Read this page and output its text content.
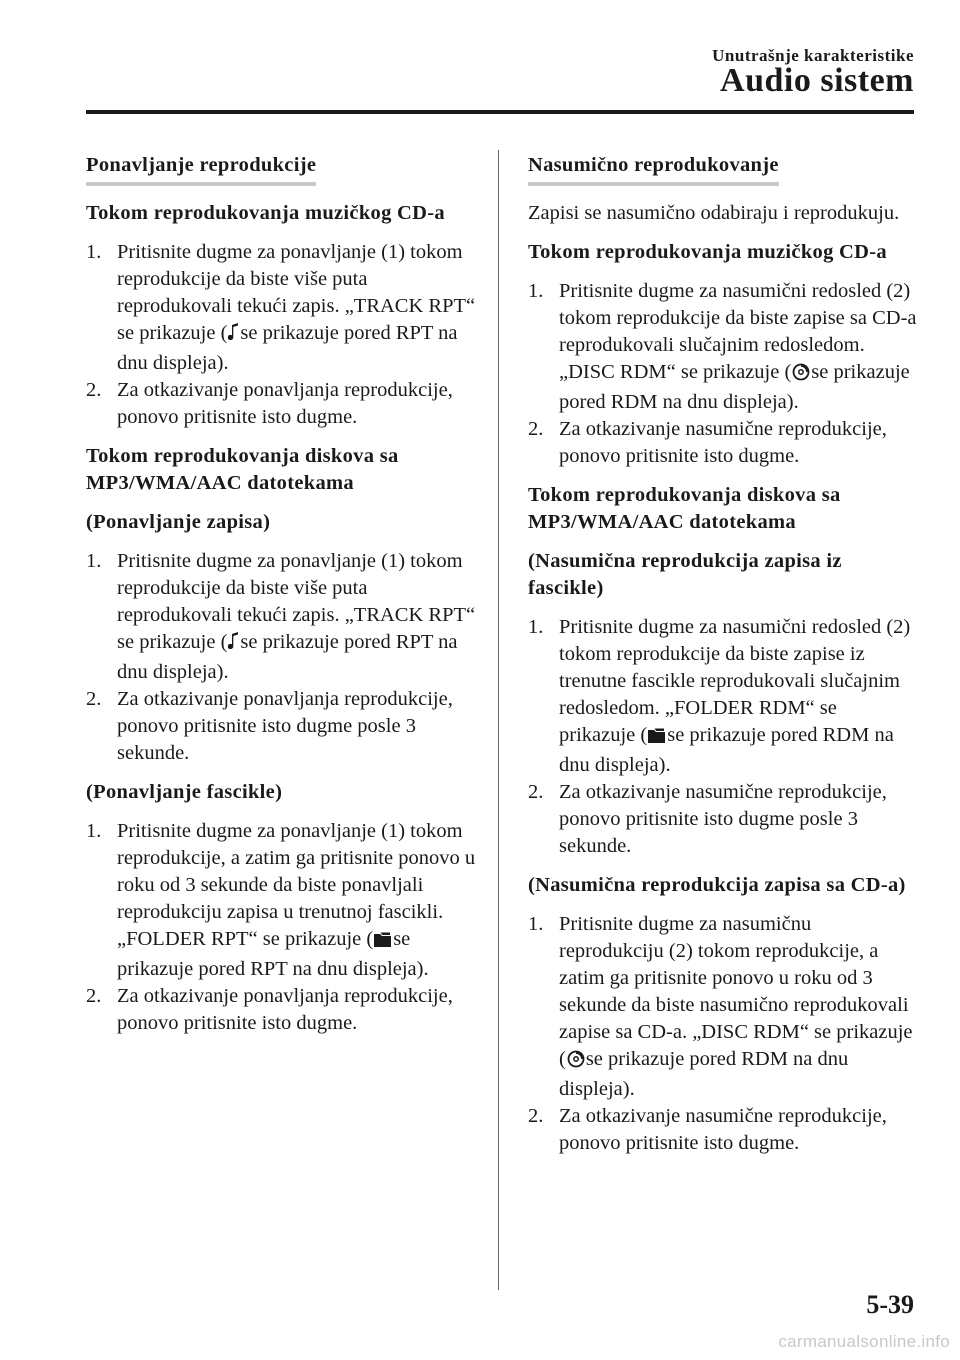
Unutrašnje karakteristike
Audio sistem
Ponavljanje reprodukcije
Tokom reprodukovanja muzičkog CD-a
1. Pritisnite dugme za ponavljanje (1) tokom reprodukcije da biste više puta reprodukovali tekući zapis. „TRACK RPT“ se prikazuje ( se prikazuje pored RPT na dnu displeja).
2. Za otkazivanje ponavljanja reprodukcije, ponovo pritisnite isto dugme.
Tokom reprodukovanja diskova sa MP3/WMA/AAC datotekama
(Ponavljanje zapisa)
1. Pritisnite dugme za ponavljanje (1) tokom reprodukcije da biste više puta reprodukovali tekući zapis. „TRACK RPT“ se prikazuje ( se prikazuje pored RPT na dnu displeja).
2. Za otkazivanje ponavljanja reprodukcije, ponovo pritisnite isto dugme posle 3 sekunde.
(Ponavljanje fascikle)
1. Pritisnite dugme za ponavljanje (1) tokom reprodukcije, a zatim ga pritisnite ponovo u roku od 3 sekunde da biste ponavljali reprodukciju zapisa u trenutnoj fascikli. „FOLDER RPT“ se prikazuje ( se prikazuje pored RPT na dnu displeja).
2. Za otkazivanje ponavljanja reprodukcije, ponovo pritisnite isto dugme.
Nasumično reprodukovanje
Zapisi se nasumično odabiraju i reprodukuju.
Tokom reprodukovanja muzičkog CD-a
1. Pritisnite dugme za nasumični redosled (2) tokom reprodukcije da biste zapise sa CD-a reprodukovali slučajnim redosledom. „DISC RDM“ se prikazuje ( se prikazuje pored RDM na dnu displeja).
2. Za otkazivanje nasumične reprodukcije, ponovo pritisnite isto dugme.
Tokom reprodukovanja diskova sa MP3/WMA/AAC datotekama
(Nasumična reprodukcija zapisa iz fascikle)
1. Pritisnite dugme za nasumični redosled (2) tokom reprodukcije da biste zapise iz trenutne fascikle reprodukovali slučajnim redosledom. „FOLDER RDM“ se prikazuje ( se prikazuje pored RDM na dnu displeja).
2. Za otkazivanje nasumične reprodukcije, ponovo pritisnite isto dugme posle 3 sekunde.
(Nasumična reprodukcija zapisa sa CD-a)
1. Pritisnite dugme za nasumičnu reprodukciju (2) tokom reprodukcije, a zatim ga pritisnite ponovo u roku od 3 sekunde da biste nasumično reprodukovali zapise sa CD-a. „DISC RDM“ se prikazuje ( se prikazuje pored RDM na dnu displeja).
2. Za otkazivanje nasumične reprodukcije, ponovo pritisnite isto dugme.
5-39
carmanualsonline.info
